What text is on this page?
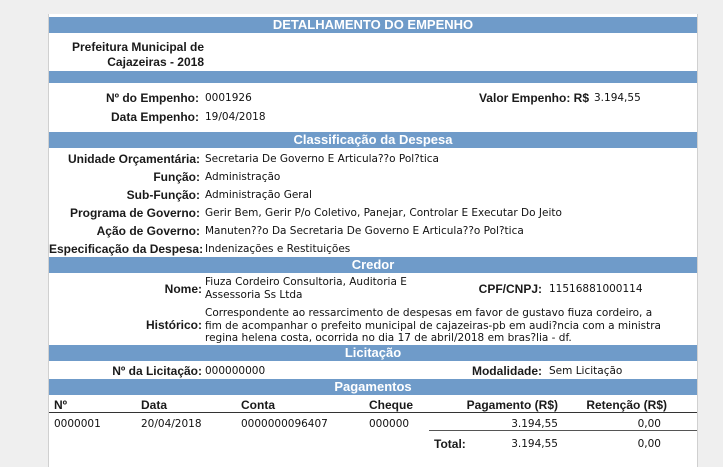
DETALHAMENTO DO EMPENHO
Prefeitura Municipal de
Cajazeiras - 2018
Nº do Empenho: 0001926	Valor Empenho: R$ 3.194,55
Data Empenho: 19/04/2018
Classificação da Despesa
Unidade Orçamentária: Secretaria De Governo E Articula??o Pol?tica
Função: Administração
Sub-Função: Administração Geral
Programa de Governo: Gerir Bem, Gerir P/o Coletivo, Panejar, Controlar E Executar Do Jeito
Ação de Governo: Manuten??o Da Secretaria De Governo E Articula??o Pol?tica
Especificação da Despesa: Indenizações e Restituições
Credor
Nome: Fiuza Cordeiro Consultoria, Auditoria E
Assessoria Ss Ltda	CPF/CNPJ: 11516881000114
Histórico:
Correspondente ao ressarcimento de despesas em favor de gustavo fiuza cordeiro, a fim de acompanhar o prefeito municipal de cajazeiras-pb em audi?ncia com a ministra regina helena costa, ocorrida no dia 17 de abril/2018 em bras?lia - df.
Licitação
Nº da Licitação: 000000000	Modalidade: Sem Licitação
Pagamentos
Nº	Data	Conta	Cheque	Pagamento (R$)	Retenção (R$)
0000001	20/04/2018	0000000096407	000000	3.194,55	0,00
Total:	3.194,55	0,00
